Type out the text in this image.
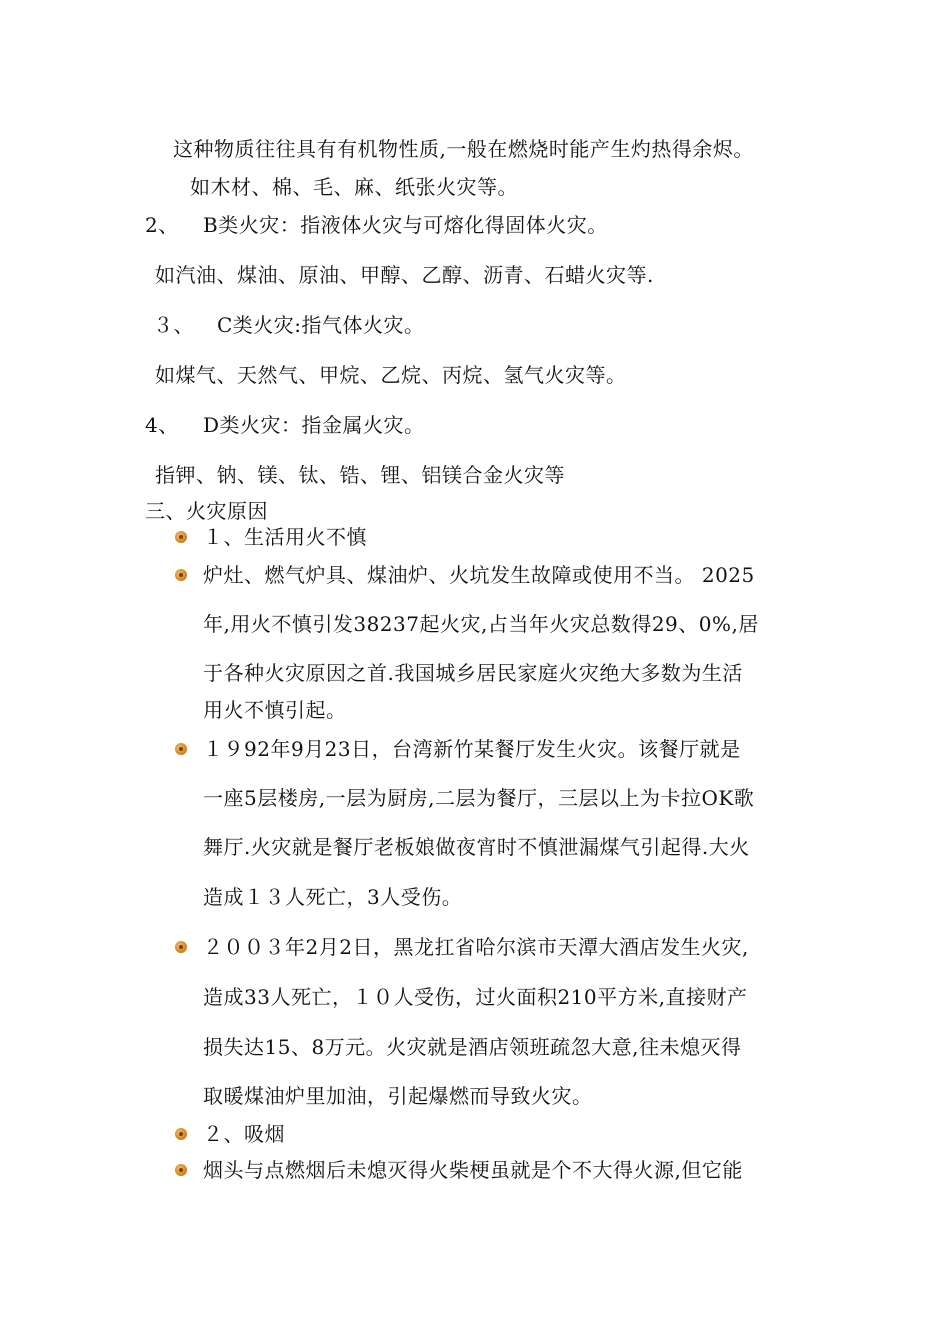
这种物质往往具有有机物性质,一般在燃烧时能产生灼热得余烬。
如木材、棉、毛、麻、纸张火灾等。
2、 B类火灾：指液体火灾与可熔化得固体火灾。
如汽油、煤油、原油、甲醇、乙醇、沥青、石蜡火灾等.
３、 C类火灾:指气体火灾。
如煤气、天然气、甲烷、乙烷、丙烷、氢气火灾等。
4、 D类火灾：指金属火灾。
指钾、钠、镁、钛、锆、锂、铝镁合金火灾等
三、火灾原因
１、生活用火不慎
炉灶、燃气炉具、煤油炉、火坑发生故障或使用不当。 2025
年,用火不慎引发38237起火灾,占当年火灾总数得29、0%,居
于各种火灾原因之首.我国城乡居民家庭火灾绝大多数为生活
用火不慎引起。
１９92年9月23日，台湾新竹某餐厅发生火灾。该餐厅就是
一座5层楼房,一层为厨房,二层为餐厅，三层以上为卡拉OK歌
舞厅.火灾就是餐厅老板娘做夜宵时不慎泄漏煤气引起得.大火
造成１３人死亡，3人受伤。
２００３年2月2日，黑龙扛省哈尔滨市天潭大酒店发生火灾,
造成33人死亡，１０人受伤，过火面积210平方米,直接财产
损失达15、8万元。火灾就是酒店领班疏忽大意,往未熄灭得
取暖煤油炉里加油，引起爆燃而导致火灾。
２、吸烟
烟头与点燃烟后未熄灭得火柴梗虽就是个不大得火源,但它能
